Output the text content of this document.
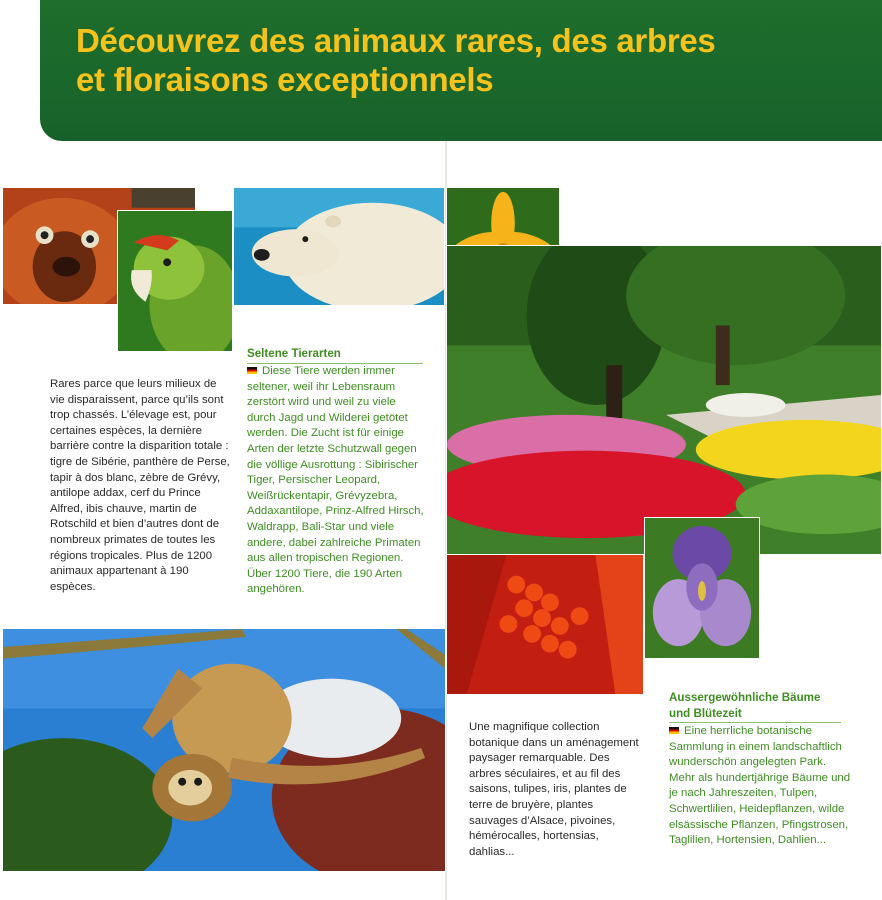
Découvrez des animaux rares, des arbres
et floraisons exceptionnels
Rares parce que leurs milieux de vie disparaissent, parce qu’ils sont trop chassés. L’élevage est, pour certaines espèces, la dernière barrière contre la disparition totale : tigre de Sibérie, panthère de Perse, tapir à dos blanc, zèbre de Grévy, antilope addax, cerf du Prince Alfred, ibis chauve, martin de Rotschild et bien d’autres dont de nombreux primates de toutes les régions tropicales. Plus de 1200 animaux appartenant à 190 espèces.
Seltene Tierarten
Diese Tiere werden immer seltener, weil ihr Lebensraum zerstört wird und weil zu viele durch Jagd und Wilderei getötet werden. Die Zucht ist für einige Arten der letzte Schutzwall gegen die völlige Ausrottung : Sibirischer Tiger, Persischer Leopard, Weißrückentapir, Grévyzebra, Addaxantilope, Prinz-Alfred Hirsch, Waldrapp, Bali-Star und viele andere, dabei zahlreiche Primaten aus allen tropischen Regionen. Über 1200 Tiere, die 190 Arten angehören.
Une magnifique collection botanique dans un aménagement paysager remarquable. Des arbres séculaires, et au fil des saisons, tulipes, iris, plantes de terre de bruyère, plantes sauvages d’Alsace, pivoines, hémérocalles, hortensias, dahlias...
Aussergewöhnliche Bäume und Blütezeit
Eine herrliche botanische Sammlung in einem landschaftlich wunderschön angelegten Park. Mehr als hundertjährige Bäume und je nach Jahreszeiten, Tulpen, Schwertlilien, Heidepflanzen, wilde elsässische Pflanzen, Pfingstrosen, Taglilien, Hortensien, Dahlien...
